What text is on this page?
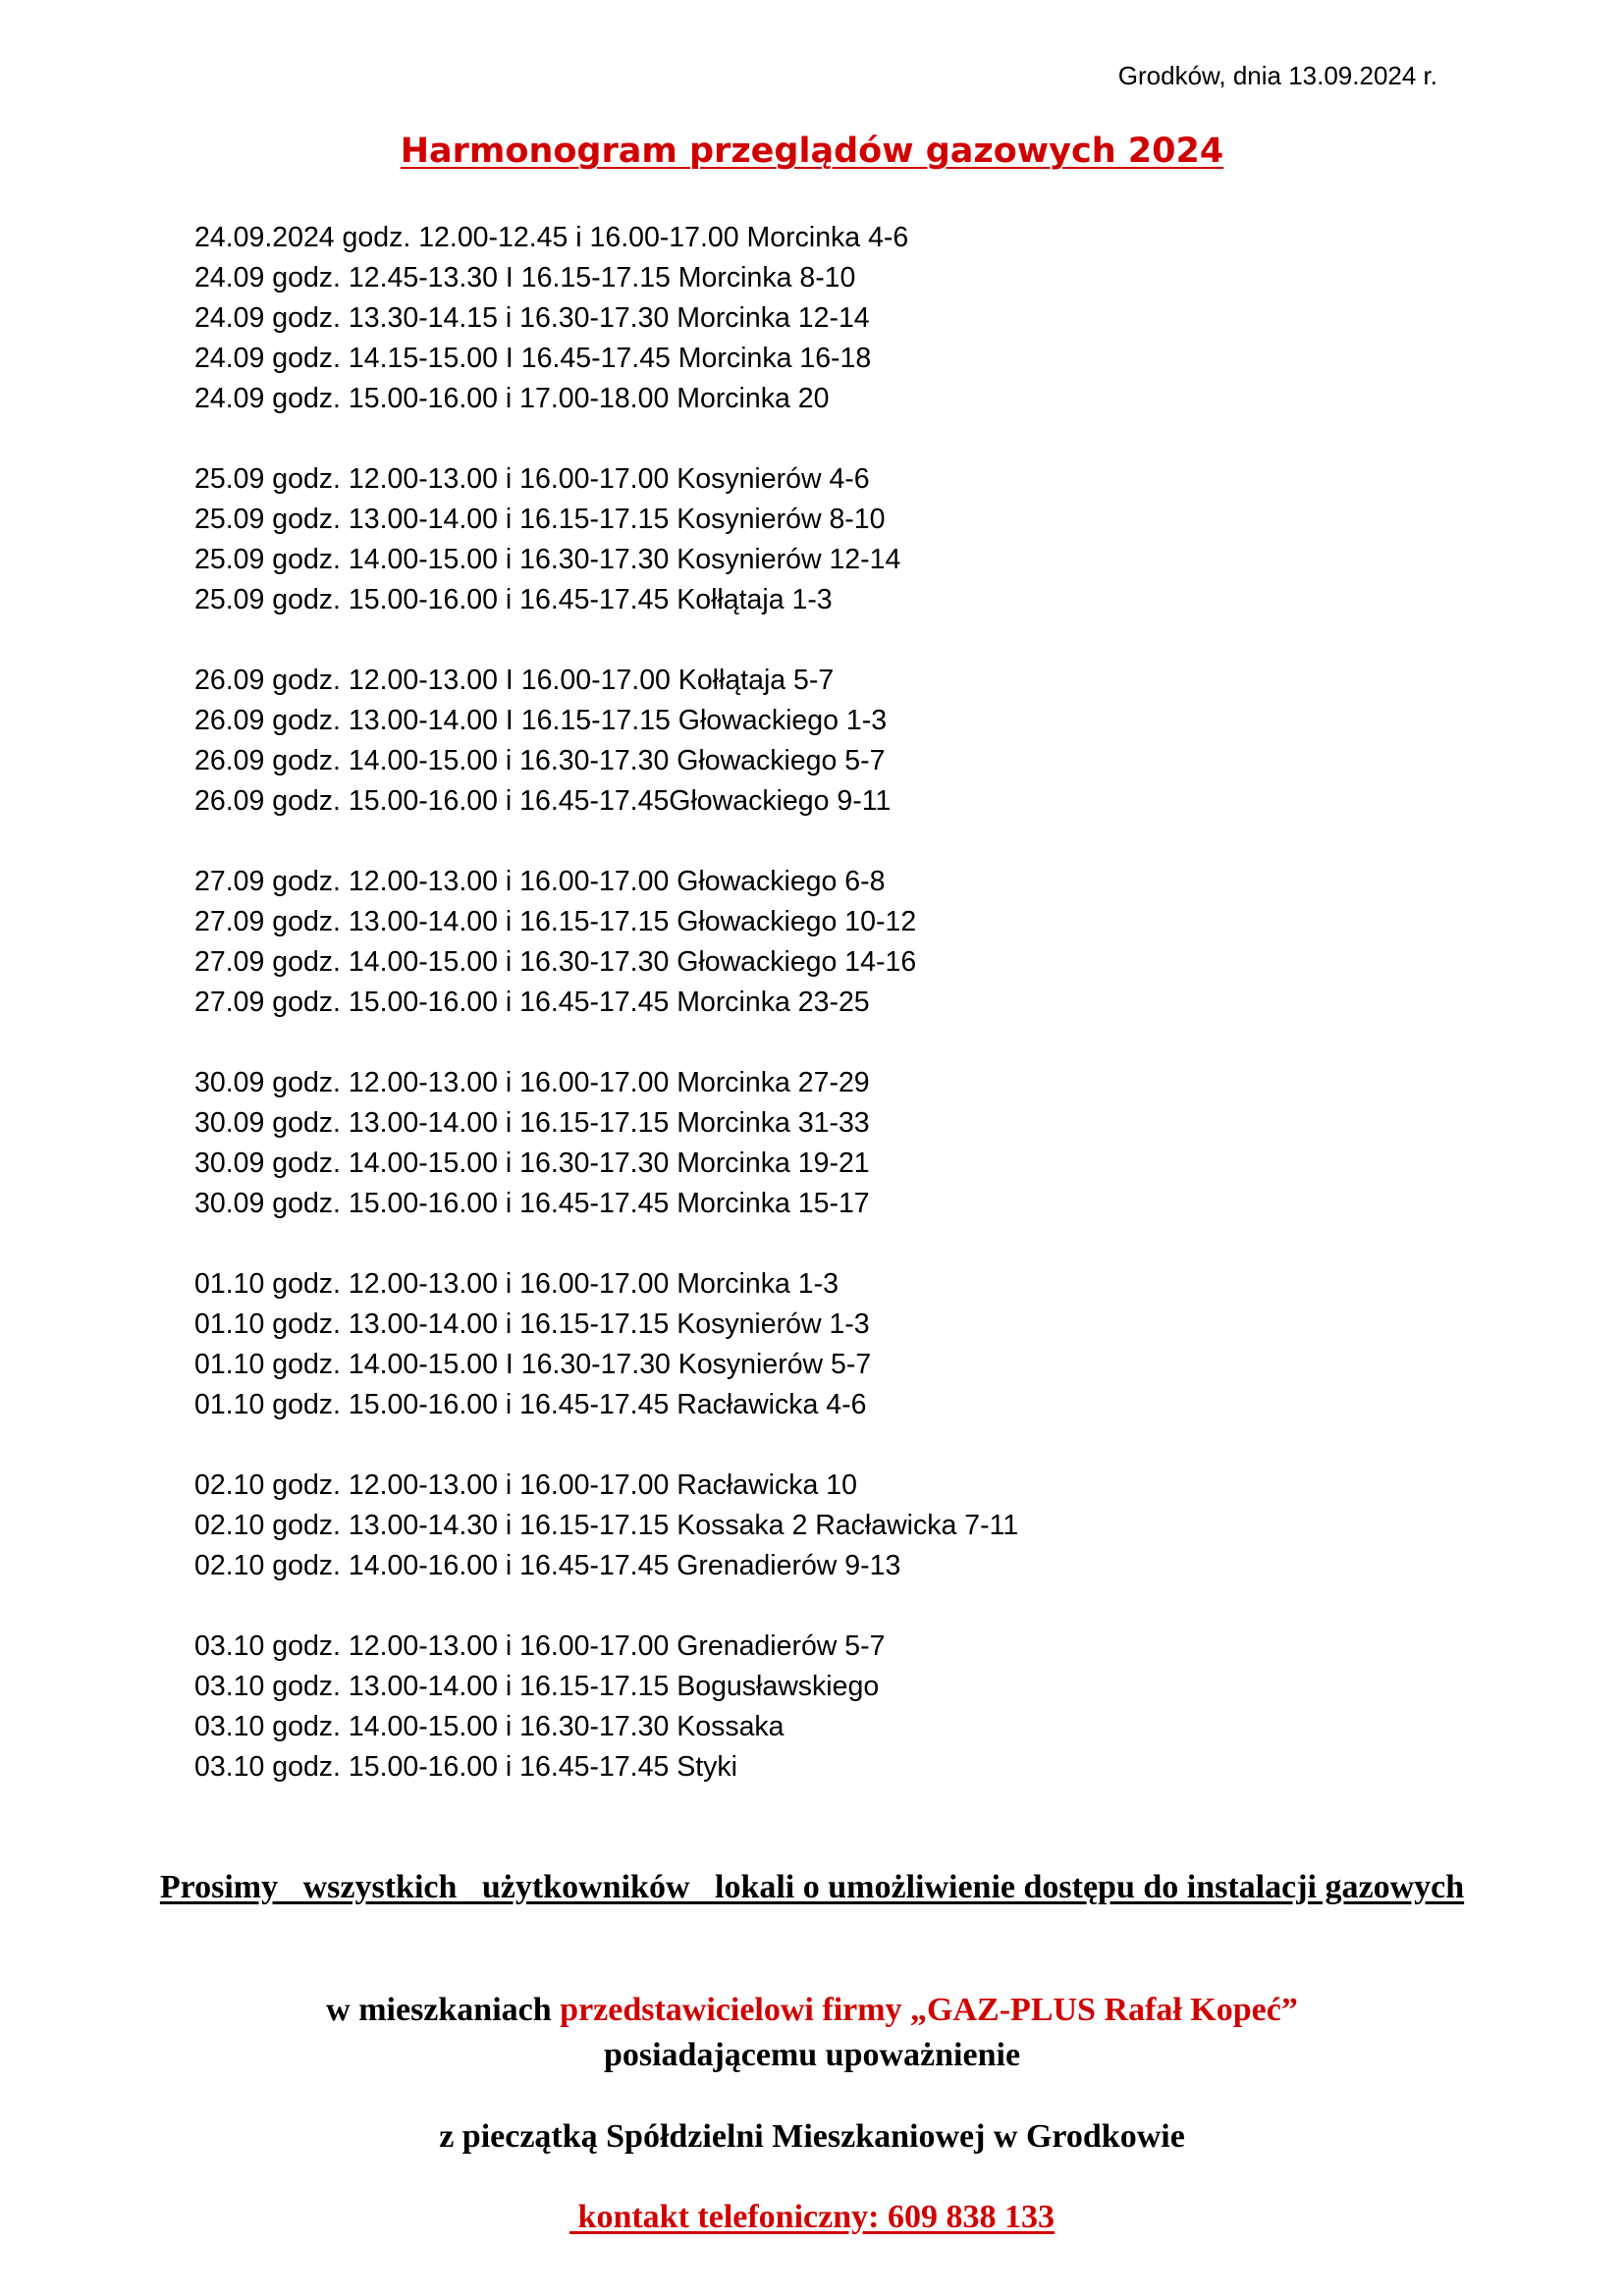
Grodków, dnia 13.09.2024 r.
Harmonogram przeglądów gazowych 2024
24.09.2024 godz. 12.00-12.45 i 16.00-17.00 Morcinka 4-6
24.09 godz. 12.45-13.30 I 16.15-17.15 Morcinka 8-10
24.09 godz. 13.30-14.15 i 16.30-17.30 Morcinka 12-14
24.09 godz. 14.15-15.00 I 16.45-17.45 Morcinka 16-18
24.09 godz. 15.00-16.00 i 17.00-18.00 Morcinka 20
25.09 godz. 12.00-13.00 i 16.00-17.00 Kosynierów 4-6
25.09 godz. 13.00-14.00 i 16.15-17.15 Kosynierów 8-10
25.09 godz. 14.00-15.00 i 16.30-17.30 Kosynierów 12-14
25.09 godz. 15.00-16.00 i 16.45-17.45 Kołłątaja 1-3
26.09 godz. 12.00-13.00 I 16.00-17.00 Kołłątaja 5-7
26.09 godz. 13.00-14.00 I 16.15-17.15 Głowackiego 1-3
26.09 godz. 14.00-15.00 i 16.30-17.30 Głowackiego 5-7
26.09 godz. 15.00-16.00 i 16.45-17.45Głowackiego 9-11
27.09 godz. 12.00-13.00 i 16.00-17.00 Głowackiego 6-8
27.09 godz. 13.00-14.00 i 16.15-17.15 Głowackiego 10-12
27.09 godz. 14.00-15.00 i 16.30-17.30 Głowackiego 14-16
27.09 godz. 15.00-16.00 i 16.45-17.45 Morcinka 23-25
30.09 godz. 12.00-13.00 i 16.00-17.00 Morcinka 27-29
30.09 godz. 13.00-14.00 i 16.15-17.15 Morcinka 31-33
30.09 godz. 14.00-15.00 i 16.30-17.30 Morcinka 19-21
30.09 godz. 15.00-16.00 i 16.45-17.45 Morcinka 15-17
01.10 godz. 12.00-13.00 i 16.00-17.00 Morcinka 1-3
01.10 godz. 13.00-14.00 i 16.15-17.15 Kosynierów 1-3
01.10 godz. 14.00-15.00 I 16.30-17.30 Kosynierów 5-7
01.10 godz. 15.00-16.00 i 16.45-17.45 Racławicka 4-6
02.10 godz. 12.00-13.00 i 16.00-17.00 Racławicka 10
02.10 godz. 13.00-14.30 i 16.15-17.15 Kossaka 2 Racławicka 7-11
02.10 godz. 14.00-16.00 i 16.45-17.45 Grenadierów 9-13
03.10 godz. 12.00-13.00 i 16.00-17.00 Grenadierów 5-7
03.10 godz. 13.00-14.00 i 16.15-17.15 Bogusławskiego
03.10 godz. 14.00-15.00 i 16.30-17.30 Kossaka
03.10 godz. 15.00-16.00 i 16.45-17.45 Styki

Prosimy   wszystkich   użytkowników   lokali o umożliwienie dostępu do instalacji gazowych

w mieszkaniach przedstawicielowi firmy „GAZ-PLUS Rafał Kopeć”
posiadającemu upoważnienie

z pieczątką Spółdzielni Mieszkaniowej w Grodkowie

kontakt telefoniczny: 609 838 133
